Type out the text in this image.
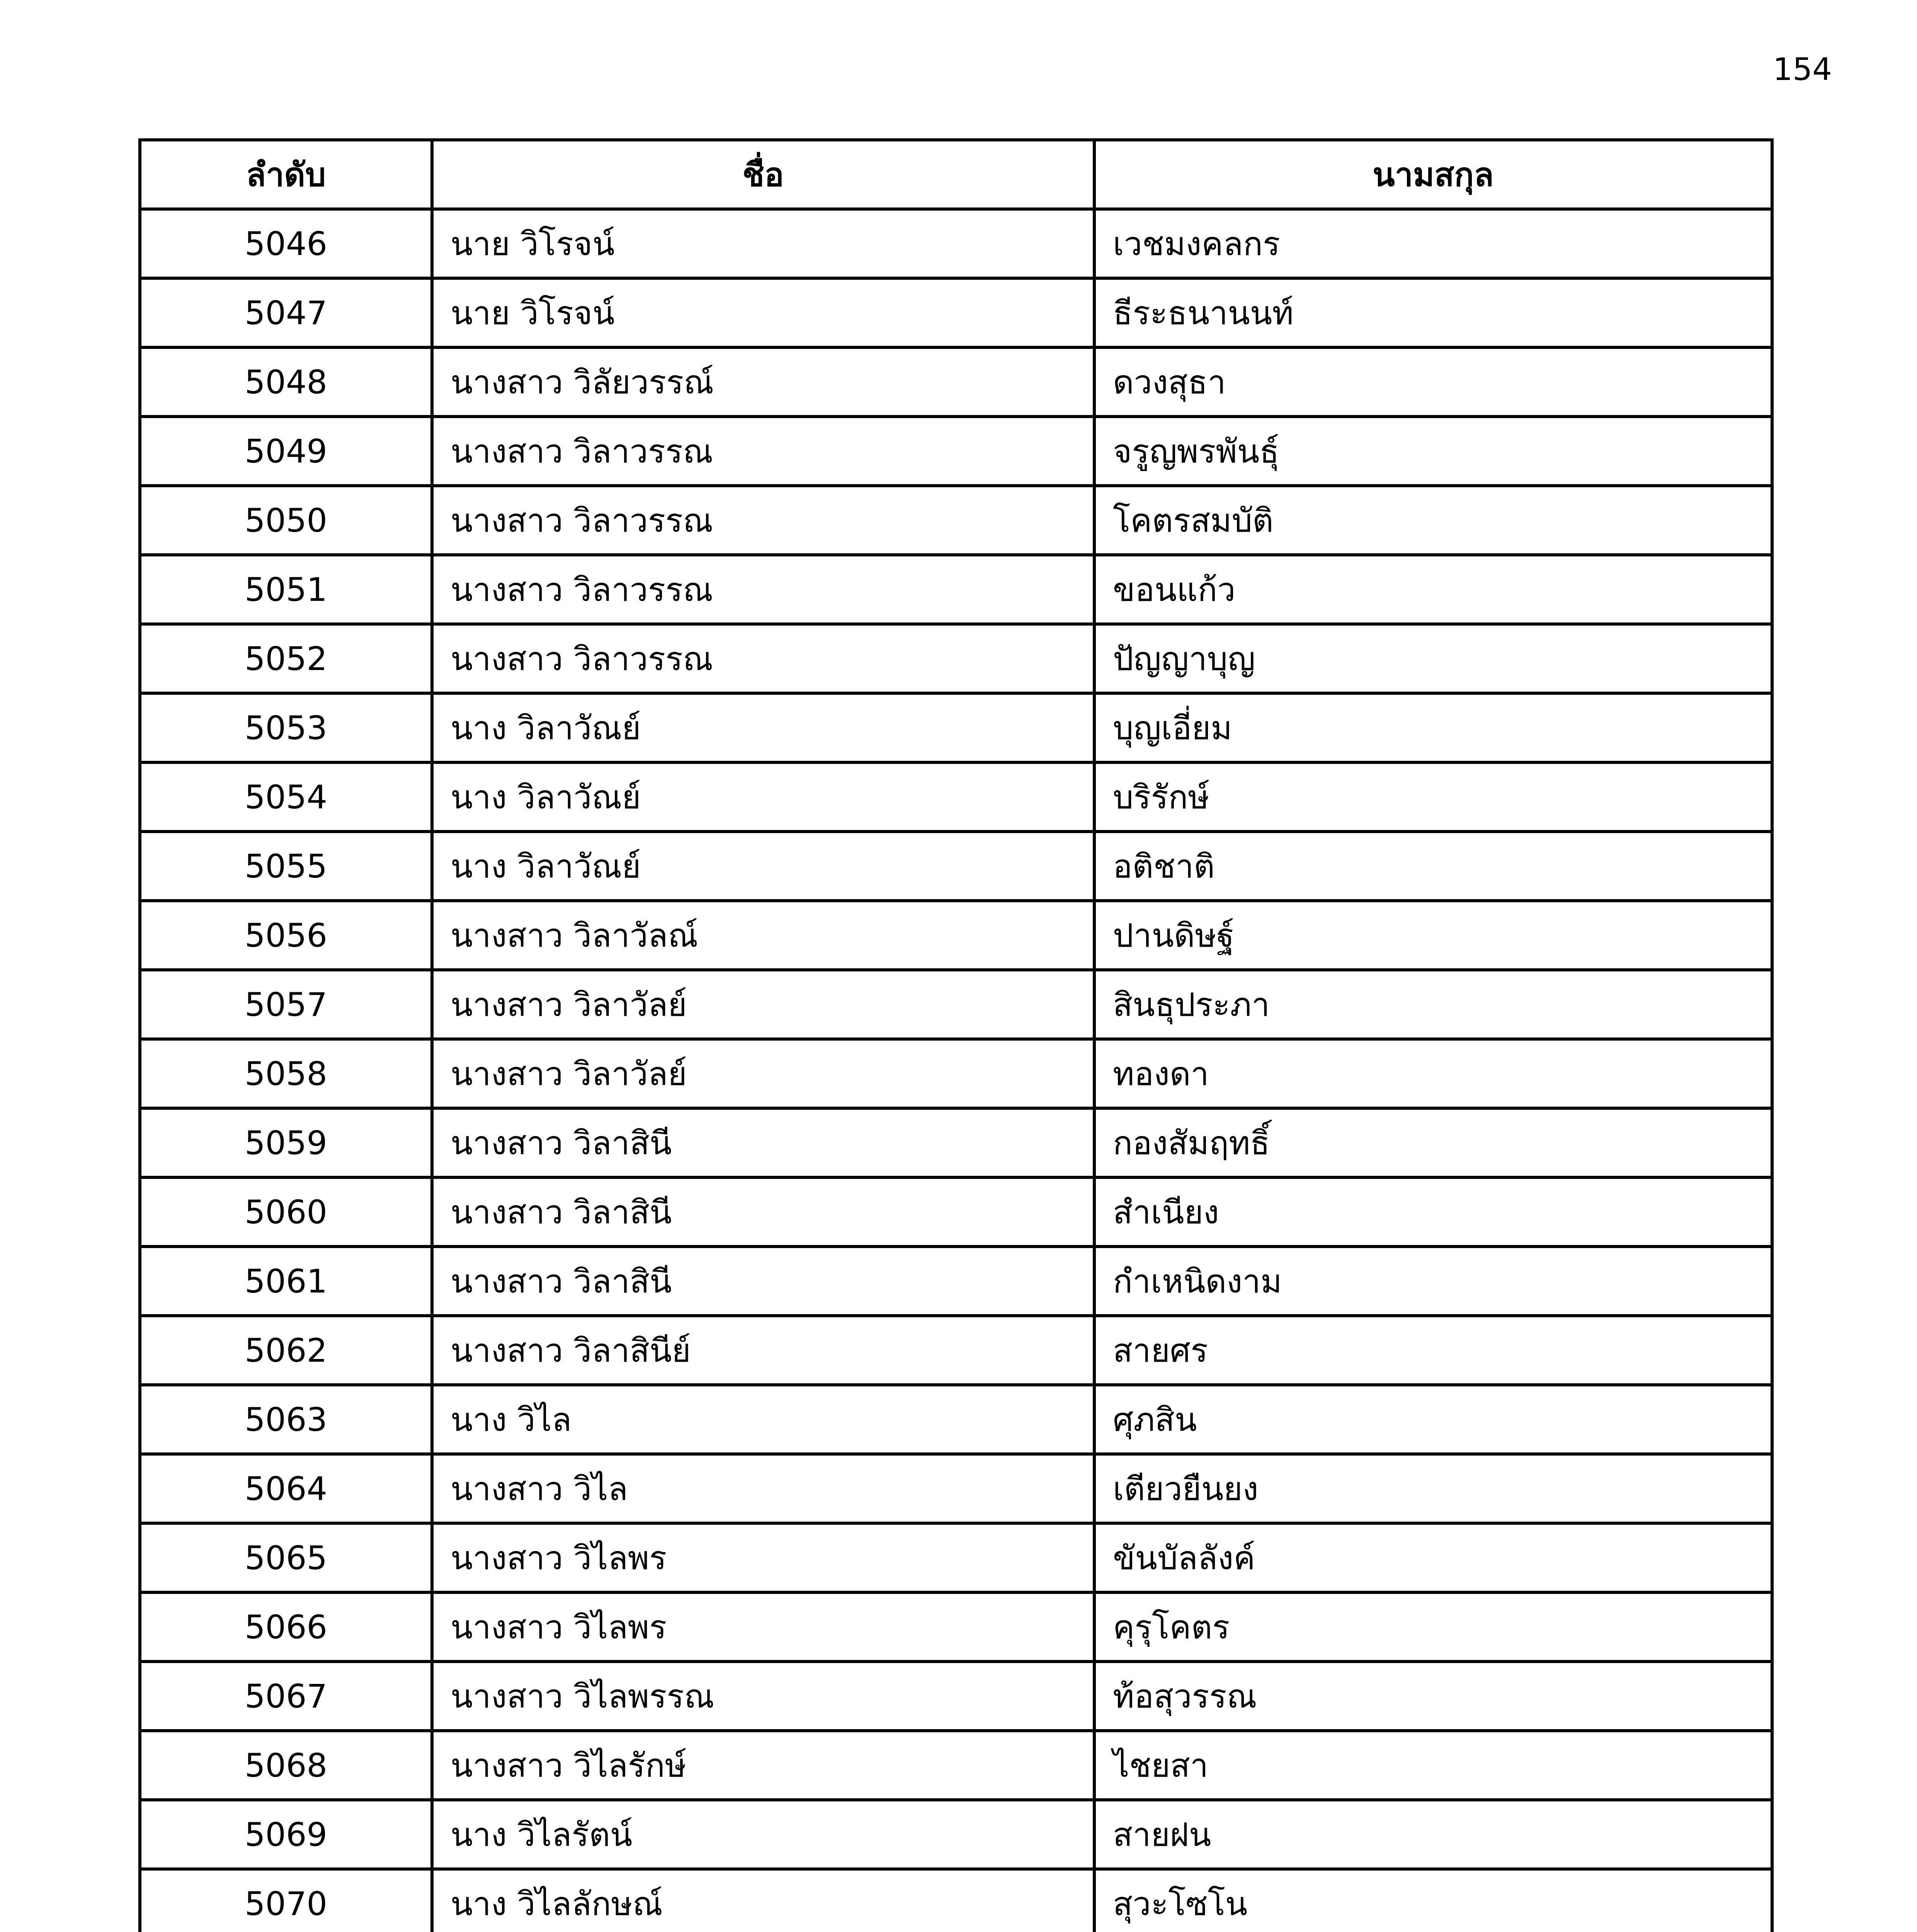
154
ลำดับ	ชื่อ	นามสกุล
5046	นาย วิโรจน์	เวชมงคลกร
5047	นาย วิโรจน์	ธีระธนานนท์
5048	นางสาว วิลัยวรรณ์	ดวงสุธา
5049	นางสาว วิลาวรรณ	จรูญพรพันธุ์
5050	นางสาว วิลาวรรณ	โคตรสมบัติ
5051	นางสาว วิลาวรรณ	ขอนแก้ว
5052	นางสาว วิลาวรรณ	ปัญญาบุญ
5053	นาง วิลาวัณย์	บุญเอี่ยม
5054	นาง วิลาวัณย์	บริรักษ์
5055	นาง วิลาวัณย์	อติชาติ
5056	นางสาว วิลาวัลณ์	ปานดิษฐ์
5057	นางสาว วิลาวัลย์	สินธุประภา
5058	นางสาว วิลาวัลย์	ทองดา
5059	นางสาว วิลาสินี	กองสัมฤทธิ์
5060	นางสาว วิลาสินี	สำเนียง
5061	นางสาว วิลาสินี	กำเหนิดงาม
5062	นางสาว วิลาสินีย์	สายศร
5063	นาง วิไล	ศุภสิน
5064	นางสาว วิไล	เตียวยืนยง
5065	นางสาว วิไลพร	ขันบัลลังค์
5066	นางสาว วิไลพร	คุรุโคตร
5067	นางสาว วิไลพรรณ	ท้อสุวรรณ
5068	นางสาว วิไลรักษ์	ไชยสา
5069	นาง วิไลรัตน์	สายฝน
5070	นาง วิไลลักษณ์	สุวะโซโน
